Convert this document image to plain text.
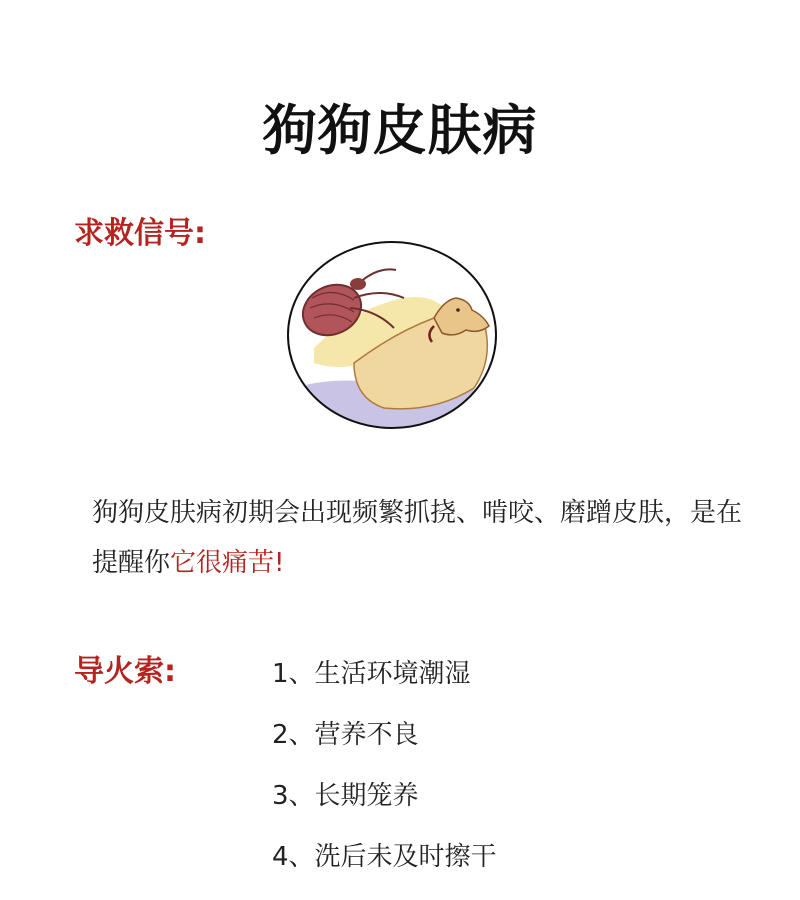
狗狗皮肤病
求救信号:
狗狗皮肤病初期会出现频繁抓挠、啃咬、磨蹭皮肤，是在提醒你它很痛苦!
导火索:	1、生活环境潮湿
2、营养不良
3、长期笼养
4、洗后未及时擦干
